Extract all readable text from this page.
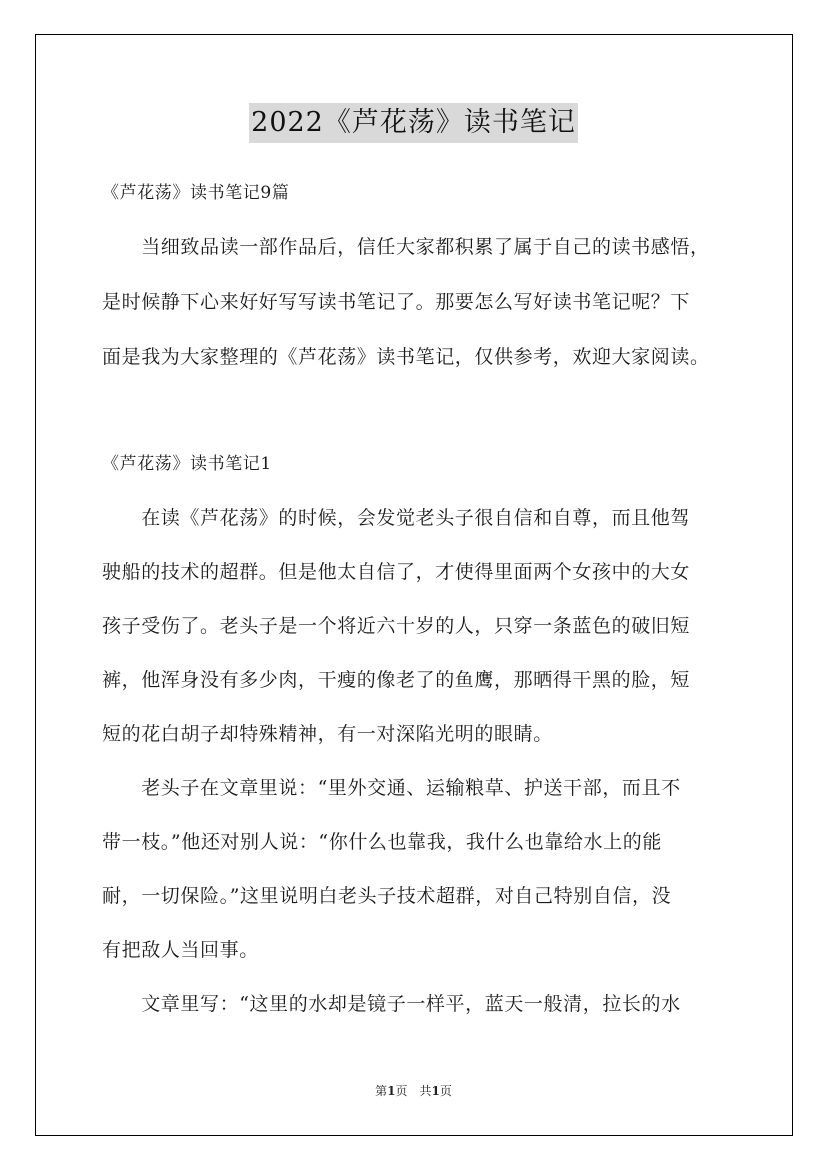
2022《芦花荡》读书笔记
《芦花荡》读书笔记9篇
　　当细致品读一部作品后，信任大家都积累了属于自己的读书感悟，
是时候静下心来好好写写读书笔记了。那要怎么写好读书笔记呢？下
面是我为大家整理的《芦花荡》读书笔记，仅供参考，欢迎大家阅读。
《芦花荡》读书笔记1
　　在读《芦花荡》的时候，会发觉老头子很自信和自尊，而且他驾
驶船的技术的超群。但是他太自信了，才使得里面两个女孩中的大女
孩子受伤了。老头子是一个将近六十岁的人，只穿一条蓝色的破旧短
裤，他浑身没有多少肉，干瘦的像老了的鱼鹰，那晒得干黑的脸，短
短的花白胡子却特殊精神，有一对深陷光明的眼睛。
　　老头子在文章里说：“里外交通、运输粮草、护送干部，而且不
带一枝。”他还对别人说：“你什么也靠我，我什么也靠给水上的能
耐，一切保险。”这里说明白老头子技术超群，对自己特别自信，没
有把敌人当回事。
　　文章里写：“这里的水却是镜子一样平，蓝天一般清，拉长的水
第1页　共1页
